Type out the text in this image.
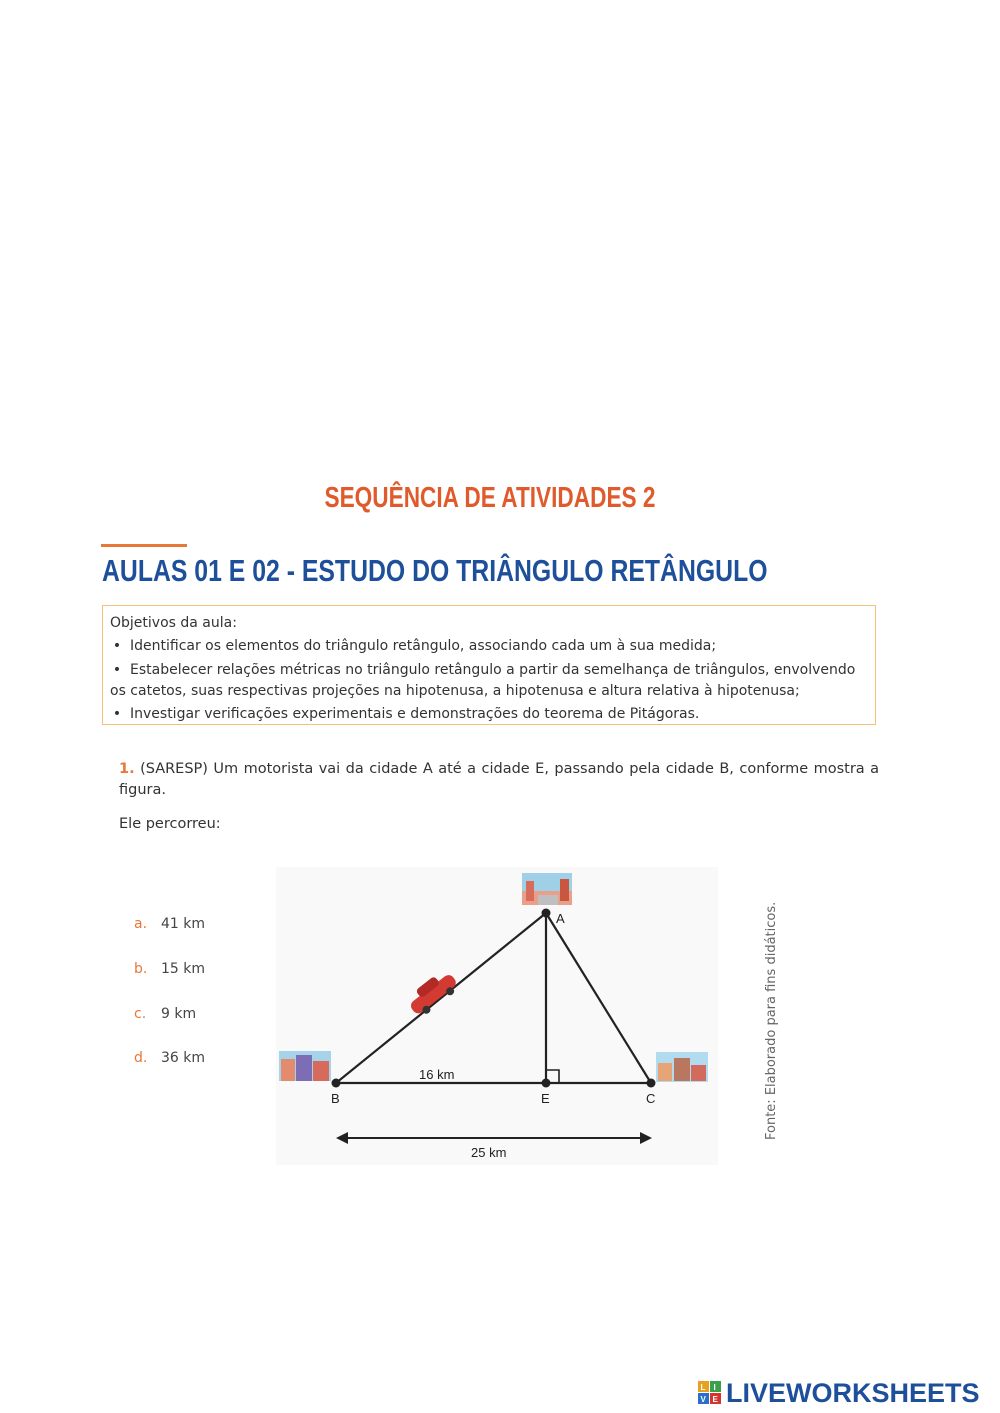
SEQUÊNCIA DE ATIVIDADES 2
AULAS 01 E 02 - ESTUDO DO TRIÂNGULO RETÂNGULO
Objetivos da aula:
• Identificar os elementos do triângulo retângulo, associando cada um à sua medida;
• Estabelecer relações métricas no triângulo retângulo a partir da semelhança de triângulos, envolvendo
os catetos, suas respectivas projeções na hipotenusa, a hipotenusa e altura relativa à hipotenusa;
• Investigar verificações experimentais e demonstrações do teorema de Pitágoras.
1. (SARESP) Um motorista vai da cidade A até a cidade E, passando pela cidade B, conforme mostra a figura.
Ele percorreu:
a. 41 km
b. 15 km
c. 9 km
d. 36 km
A
B	E	C
16 km
25 km
Fonte: Elaborado para fins didáticos.
L I
V E LIVEWORKSHEETS
